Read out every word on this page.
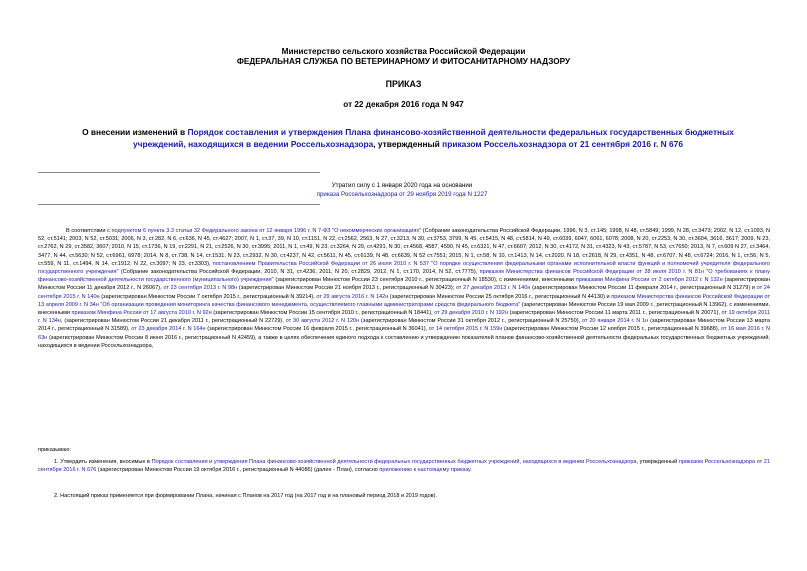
Министерство сельского хозяйства Российской Федерации
ФЕДЕРАЛЬНАЯ СЛУЖБА ПО ВЕТЕРИНАРНОМУ И ФИТОСАНИТАРНОМУ НАДЗОРУ
ПРИКАЗ
от 22 декабря 2016 года N 947
О внесении изменений в Порядок составления и утверждения Плана финансово-хозяйственной деятельности федеральных государственных бюджетных учреждений, находящихся в ведении Россельхознадзора, утвержденный приказом Россельхознадзора от 21 сентября 2016 г. N 676
Утратил силу с 1 января 2020 года на основании
приказа Россельхознадзора от 29 ноября 2019 года N 1227
В соответствии с подпунктом 6 пункта 3.3 статьи 32 Федерального закона от 12 января 1996 г. N 7-ФЗ "О некоммерческих организациях" (Собрание законодательства Российской Федерации, 1996, N 3, ст.145; 1998, N 48, ст.5849; 1999, N 28, ст.3473; 2002, N 12, ст.1093, N 52, ст.5141; 2003, N 52, ст.5031; 2006, N 3, ст.282, N 6, ст.636, N 45, ст.4627; 2007, N 1, ст.37, 39, N 10, ст.1151, N 22, ст.2562, 2563, N 27, ст.3213, N 30, ст.3753, 3799, N 45, ст.5415, N 48, ст.5814, N 49, ст.6039, 6047, 6061, 6078; 2008, N 20, ст.2253, N 30, ст.3604, 3616, 3617; 2009, N 23, ст.2762, N 29, ст.3582, 3607; 2010, N 15, ст.1736, N 19, ст.2291, N 21, ст.2526, N 30, ст.3995; 2011, N 1, ст.49, N 23, ст.3264, N 29, ст.4291, N 30, ст.4568, 4587, 4590, N 45, ст.6321, N 47, ст.6607; 2012, N 30, ст.4172, N 31, ст.4323, N 43, ст.5787, N 53, ст.7650; 2013, N 7, ст.609 N 27, ст.3464, 3477, N 44, ст.5630; N 52, ст.6961, 6978; 2014, N 8, ст.738, N 14, ст.1531, N 23, ст.2932, N 30, ст.4237, N 42, ст.5611, N 45, ст.6139, N 48, ст.6639, N 52 ст.7551; 2015, N 1, ст.58, N 10, ст.1413, N 14, ст.2020, N 18, ст.2618, N 29, ст.4351, N 48, ст.6707, N 48, ст.6724; 2016, N 1, ст.56, N 5, ст.559, N 11, ст.1494, N 14, ст.1912; N 22, ст.3097; N 23, ст.3303), постановлением Правительства Российской Федерации от 26 июля 2010 г. N 537 "О порядке осуществления федеральными органами исполнительной власти функций и полномочий учредителя федерального государственного учреждения" (Собрание законодательства Российской Федерации, 2010, N 31, ст.4236, 2011, N 20, ст.2829, 2012, N 1, ст.170, 2014, N 52, ст.7775), приказом Министерства финансов Российской Федерации от 28 июля 2010 г. N 81н "О требованиях к плану финансово-хозяйственной деятельности государственного (муниципального) учреждения" (зарегистрирован Минюстом России 23 сентября 2010 г., регистрационный N 18530), с изменениями, внесенными приказами Минфина России от 2 октября 2012 г. N 132н (зарегистрирован Минюстом России 11 декабря 2012 г., N 26067), от 23 сентября 2013 г. N 98н (зарегистрирован Минюстом России 21 ноября 2013 г., регистрационный N 30423); от 27 декабря 2013 г. N 140н (зарегистрирован Минюстом России 11 февраля 2014 г., регистрационный N 31279) и от 24 сентября 2015 г. N 140н (зарегистрирован Минюстом России 7 октября 2015 г., регистрационный N 39214), от 29 августа 2016 г. N 142н (зарегистрирован Минюстом России 25 октября 2016 г., регистрационный N 44130) и приказом Министерства финансов Российской Федерации от 13 апреля 2009 г. N 34н "Об организации проведения мониторинга качества финансового менеджмента, осуществляемого главными администраторами средств федерального бюджета" (зарегистрирован Минюстом России 19 мая 2009 г., регистрационный N 13962), с изменениями, внесенными приказом Минфина России от 17 августа 2010 г. N 92н (зарегистрирован Минюстом России 15 сентября 2010 г., регистрационный N 18441), от 29 декабря 2010 г. N 192н (зарегистрирован Минюстом России 11 марта 2011 г., регистрационный N 20071), от 19 октября 2011 г. N 134н, (зарегистрирован Минюстом России 21 декабря 2011 г., регистрационный N 22729), от 30 августа 2012 г. N 120н (зарегистрирован Минюстом России 31 октября 2012 г., регистрационный N 25750), от 20 января 2014 г. N 1н (зарегистрирован Минюстом России 13 марта 2014 г., регистрационный N 31589), от 23 декабря 2014 г. N 164н (зарегистрирован Минюстом России 16 февраля 2015 г., регистрационный N 36041), от 14 октября 2015 г. N 159н (зарегистрирован Минюстом России 12 ноября 2015 г., регистрационный N 39688), от 16 мая 2016 г. N 63н (зарегистрирован Минюстом России 8 июня 2016 г., регистрационный N 42459), а также в целях обеспечения единого подхода к составлению и утверждению показателей планов финансово-хозяйственной деятельности федеральных государственных бюджетных учреждений, находящихся в ведении Россельхознадзора,
приказываю:
1. Утвердить изменения, вносимые в Порядок составления и утверждения Плана финансово-хозяйственной деятельности федеральных государственных бюджетных учреждений, находящихся в ведении Россельхознадзора, утвержденный приказом Россельхознадзора от 21 сентября 2016 г. N 676 (зарегистрирован Минюстом России 19 октября 2016 г., регистрационный N 44086) (далее - План), согласно приложению к настоящему приказу.
2. Настоящий приказ применяется при формировании Плана, начиная с Планов на 2017 год (на 2017 год и на плановый период 2018 и 2019 годов).
